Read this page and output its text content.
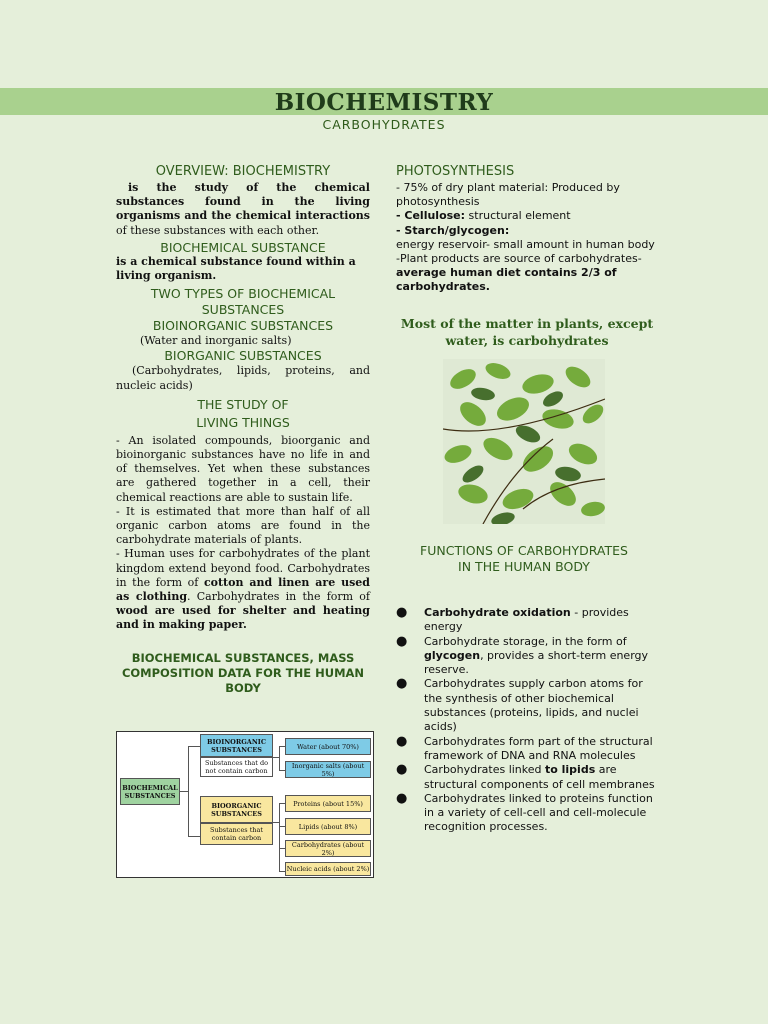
BIOCHEMISTRY
CARBOHYDRATES
OVERVIEW: BIOCHEMISTRY
is the study of the chemical substances found in the living organisms and the chemical interactions of these substances with each other.
BIOCHEMICAL SUBSTANCE
is a chemical substance found within a living organism.
TWO TYPES OF BIOCHEMICAL SUBSTANCES
BIOINORGANIC SUBSTANCES
(Water and inorganic salts)
BIORGANIC SUBSTANCES
(Carbohydrates, lipids, proteins, and nucleic acids)
THE STUDY OF
LIVING THINGS
- An isolated compounds, bioorganic and bioinorganic substances have no life in and of themselves. Yet when these substances are gathered together in a cell, their chemical reactions are able to sustain life.
- It is estimated that more than half of all organic carbon atoms are found in the carbohydrate materials of plants.
- Human uses for carbohydrates of the plant kingdom extend beyond food. Carbohydrates in the form of cotton and linen are used as clothing. Carbohydrates in the form of wood are used for shelter and heating and in making paper.
BIOCHEMICAL SUBSTANCES, MASS COMPOSITION DATA FOR THE HUMAN BODY
BIOCHEMICAL SUBSTANCES
BIOINORGANIC SUBSTANCES
Substances that do not contain carbon
Water (about 70%)
Inorganic salts (about 5%)
BIOORGANIC SUBSTANCES
Substances that contain carbon
Proteins (about 15%)
Lipids (about 8%)
Carbohydrates (about 2%)
Nucleic acids (about 2%)
PHOTOSYNTHESIS
- 75% of dry plant material: Produced by photosynthesis
- Cellulose: structural element
- Starch/glycogen:
energy reservoir- small amount in human body
-Plant products are source of carbohydrates- average human diet contains 2/3 of carbohydrates.
Most of the matter in plants, except water, is carbohydrates
FUNCTIONS OF CARBOHYDRATES IN THE HUMAN BODY
● Carbohydrate oxidation - provides energy
● Carbohydrate storage, in the form of glycogen, provides a short-term energy reserve.
● Carbohydrates supply carbon atoms for the synthesis of other biochemical substances (proteins, lipids, and nuclei acids)
● Carbohydrates form part of the structural framework of DNA and RNA molecules
● Carbohydrates linked to lipids are structural components of cell membranes
● Carbohydrates linked to proteins function in a variety of cell-cell and cell-molecule recognition processes.
